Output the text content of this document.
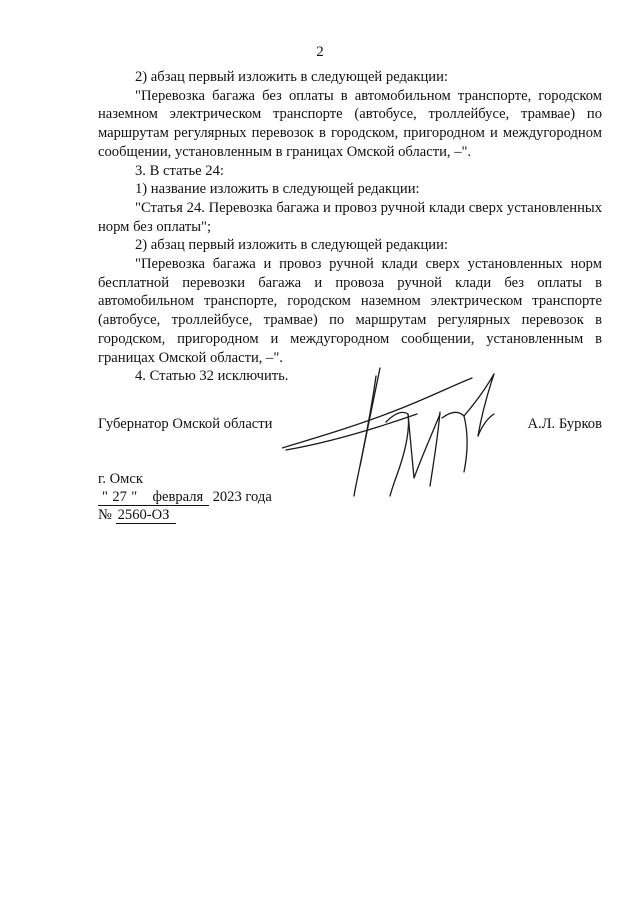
2

2) абзац первый изложить в следующей редакции:

"Перевозка багажа без оплаты в автомобильном транспорте, городском наземном электрическом транспорте (автобусе, троллейбусе, трамвае) по маршрутам регулярных перевозок в городском, пригородном и междугородном сообщении, установленным в границах Омской области, –".

3. В статье 24:

1) название изложить в следующей редакции:

"Статья 24. Перевозка багажа и провоз ручной клади сверх установленных норм без оплаты";

2) абзац первый изложить в следующей редакции:

"Перевозка багажа и провоз ручной клади сверх установленных норм бесплатной перевозки багажа и провоза ручной клади без оплаты в автомобильном транспорте, городском наземном электрическом транспорте (автобусе, троллейбусе, трамвае) по маршрутам регулярных перевозок в городском, пригородном и междугородном сообщении, установленным в границах Омской области, –".

4. Статью 32 исключить.

Губернатор Омской области	А.Л. Бурков
г. Омск
" 27 " февраля 2023 года
№ 2560-ОЗ
